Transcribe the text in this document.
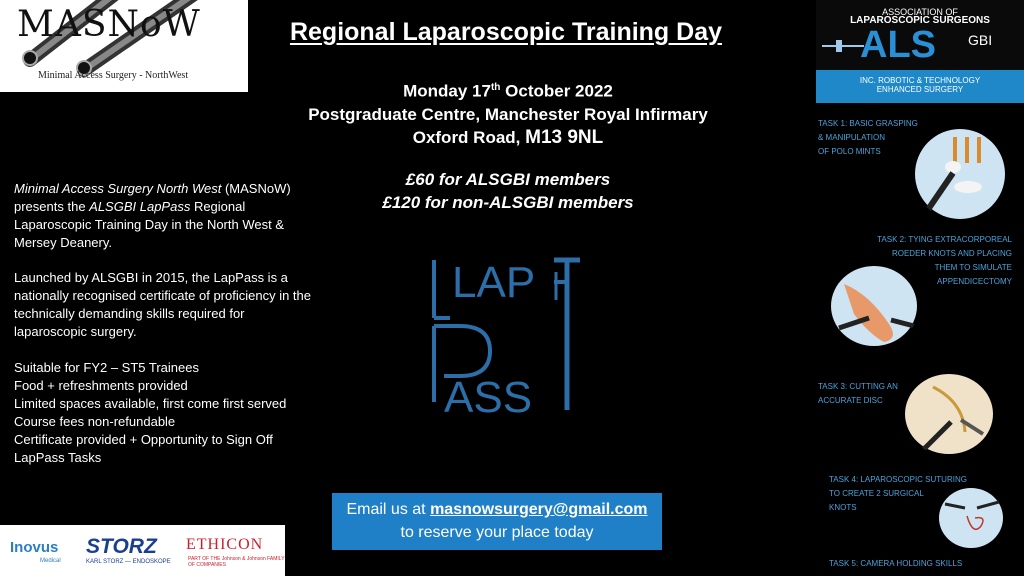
MASNoW
Minimal Access Surgery - NorthWest
Regional Laparoscopic Training Day
Monday 17th October 2022
Postgraduate Centre, Manchester Royal Infirmary
Oxford Road, M13 9NL
£60 for ALSGBI members
£120 for non-ALSGBI members
Minimal Access Surgery North West (MASNoW) presents the ALSGBI LapPass Regional Laparoscopic Training Day in the North West & Mersey Deanery.
Launched by ALSGBI in 2015, the LapPass is a nationally recognised certificate of proficiency in the technically demanding skills required for laparoscopic surgery.
Suitable for FY2 – ST5 Trainees
Food + refreshments provided
Limited spaces available, first come first served
Course fees non-refundable
Certificate provided + Opportunity to Sign Off LapPass Tasks
LAP
ASS
Email us at masnowsurgery@gmail.com
to reserve your place today
Inovus
Medical
STORZ
KARL STORZ — ENDOSKOPE
ETHICON
PART OF THE Johnson & Johnson FAMILY OF COMPANIES
ASSOCIATION OF
LAPAROSCOPIC SURGEONS
ALS GBI
INC. ROBOTIC & TECHNOLOGY
ENHANCED SURGERY
TASK 1: BASIC GRASPING
& MANIPULATION
OF POLO MINTS
TASK 2: TYING EXTRACORPOREAL
ROEDER KNOTS AND PLACING
THEM TO SIMULATE
APPENDICECTOMY
TASK 3: CUTTING AN
ACCURATE DISC
TASK 4: LAPAROSCOPIC SUTURING
TO CREATE 2 SURGICAL
KNOTS
TASK 5: CAMERA HOLDING SKILLS
